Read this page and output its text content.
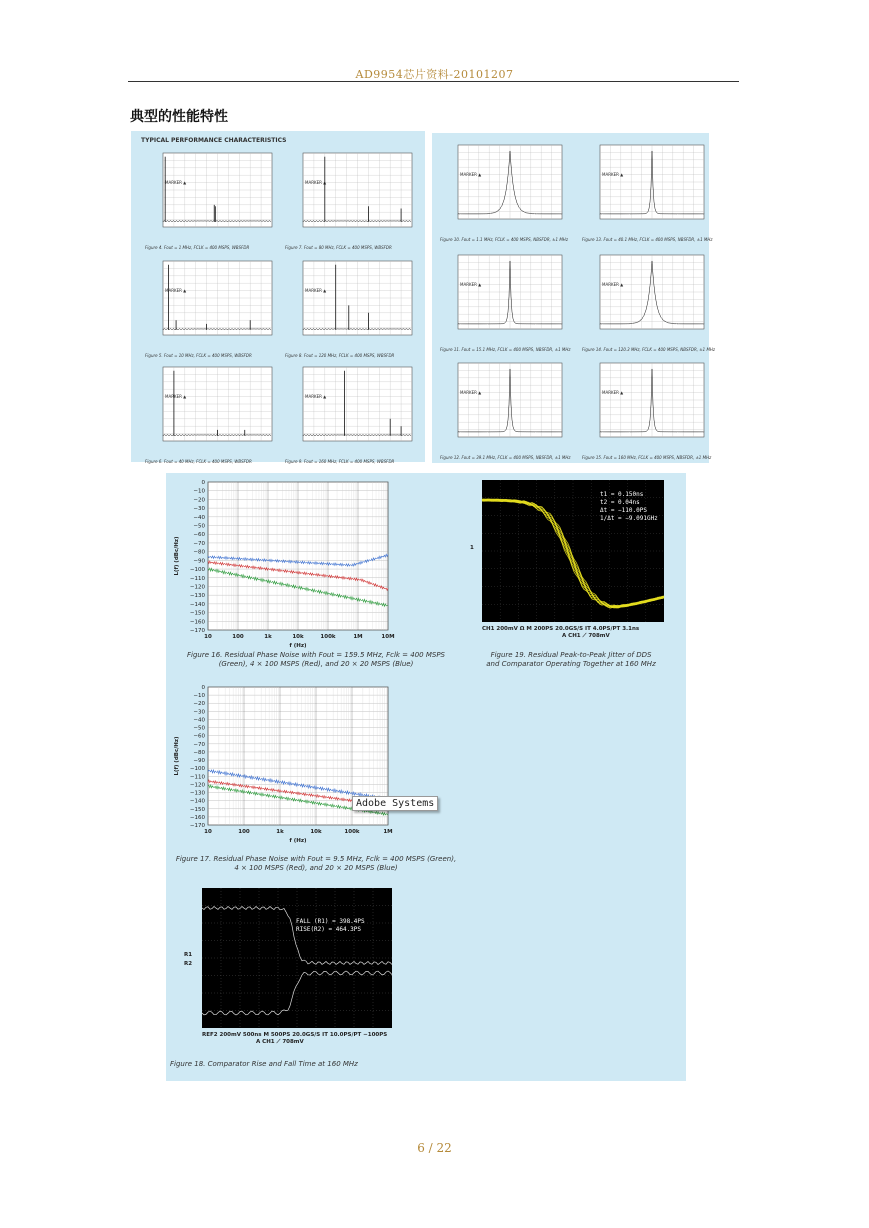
AD9954芯片资料-20101207
典型的性能特性
TYPICAL PERFORMANCE CHARACTERISTICS
MARKER ▲
Figure 4. Fout = 1 MHz, FCLK = 400 MSPS, WBSFDR
MARKER ▲
Figure 7. Fout = 80 MHz, FCLK = 400 MSPS, WBSFDR
MARKER ▲
Figure 5. Fout = 10 MHz, FCLK = 400 MSPS, WBSFDR
MARKER ▲
Figure 8. Fout = 120 MHz, FCLK = 400 MSPS, WBSFDR
MARKER ▲
Figure 6. Fout = 40 MHz, FCLK = 400 MSPS, WBSFDR
MARKER ▲
Figure 9. Fout = 160 MHz, FCLK = 400 MSPS, WBSFDR
MARKER ▲
Figure 10. Fout = 1.1 MHz, FCLK = 400 MSPS, NBSFDR, ±1 MHz
MARKER ▲
Figure 13. Fout = 40.1 MHz, FCLK = 400 MSPS, NBSFDR, ±1 MHz
MARKER ▲
Figure 11. Fout = 15.1 MHz, FCLK = 400 MSPS, NBSFDR, ±1 MHz
MARKER ▲
Figure 14. Fout = 120.3 MHz, FCLK = 400 MSPS, NBSFDR, ±1 MHz
MARKER ▲
Figure 12. Fout = 39.1 MHz, FCLK = 400 MSPS, NBSFDR, ±1 MHz
MARKER ▲
Figure 15. Fout = 160 MHz, FCLK = 400 MSPS, NBSFDR, ±1 MHz
0
−10
−20
−30
−40
−50
−60
−70
−80
−90
−100
−110
−120
−130
−140
−150
−160
−170
10	100	1k	10k	100k	1M	10M
f (Hz)
L(f) (dBc/Hz)
Figure 16. Residual Phase Noise with Fout = 159.5 MHz, Fclk = 400 MSPS
(Green), 4 × 100 MSPS (Red), and 20 × 20 MSPS (Blue)
t1 = 0.150ns
t2 = 0.04ns
Δt = −110.0PS
1/Δt = −9.091GHz
1
CH1 200mV Ω M 200PS 20.0GS/S IT 4.0PS/PT 3.1ns
A CH1 ⟋ 708mV
Figure 19. Residual Peak-to-Peak Jitter of DDS
and Comparator Operating Together at 160 MHz
0
−10
−20
−30
−40
−50
−60
−70
−80
−90
−100
−110
−120
−130
−140
−150
−160
−170
10	100	1k	10k	100k	1M
f (Hz)
L(f) (dBc/Hz)
Figure 17. Residual Phase Noise with Fout = 9.5 MHz, Fclk = 400 MSPS (Green),
4 × 100 MSPS (Red), and 20 × 20 MSPS (Blue)
FALL (R1) = 398.4PS
RISE(R2) = 464.3PS
R1
R2
REF2 200mV 500ns M 500PS 20.0GS/S IT 10.0PS/PT −100PS
A CH1 ⟋ 708mV
Figure 18. Comparator Rise and Fall Time at 160 MHz
Adobe Systems
6 / 22
